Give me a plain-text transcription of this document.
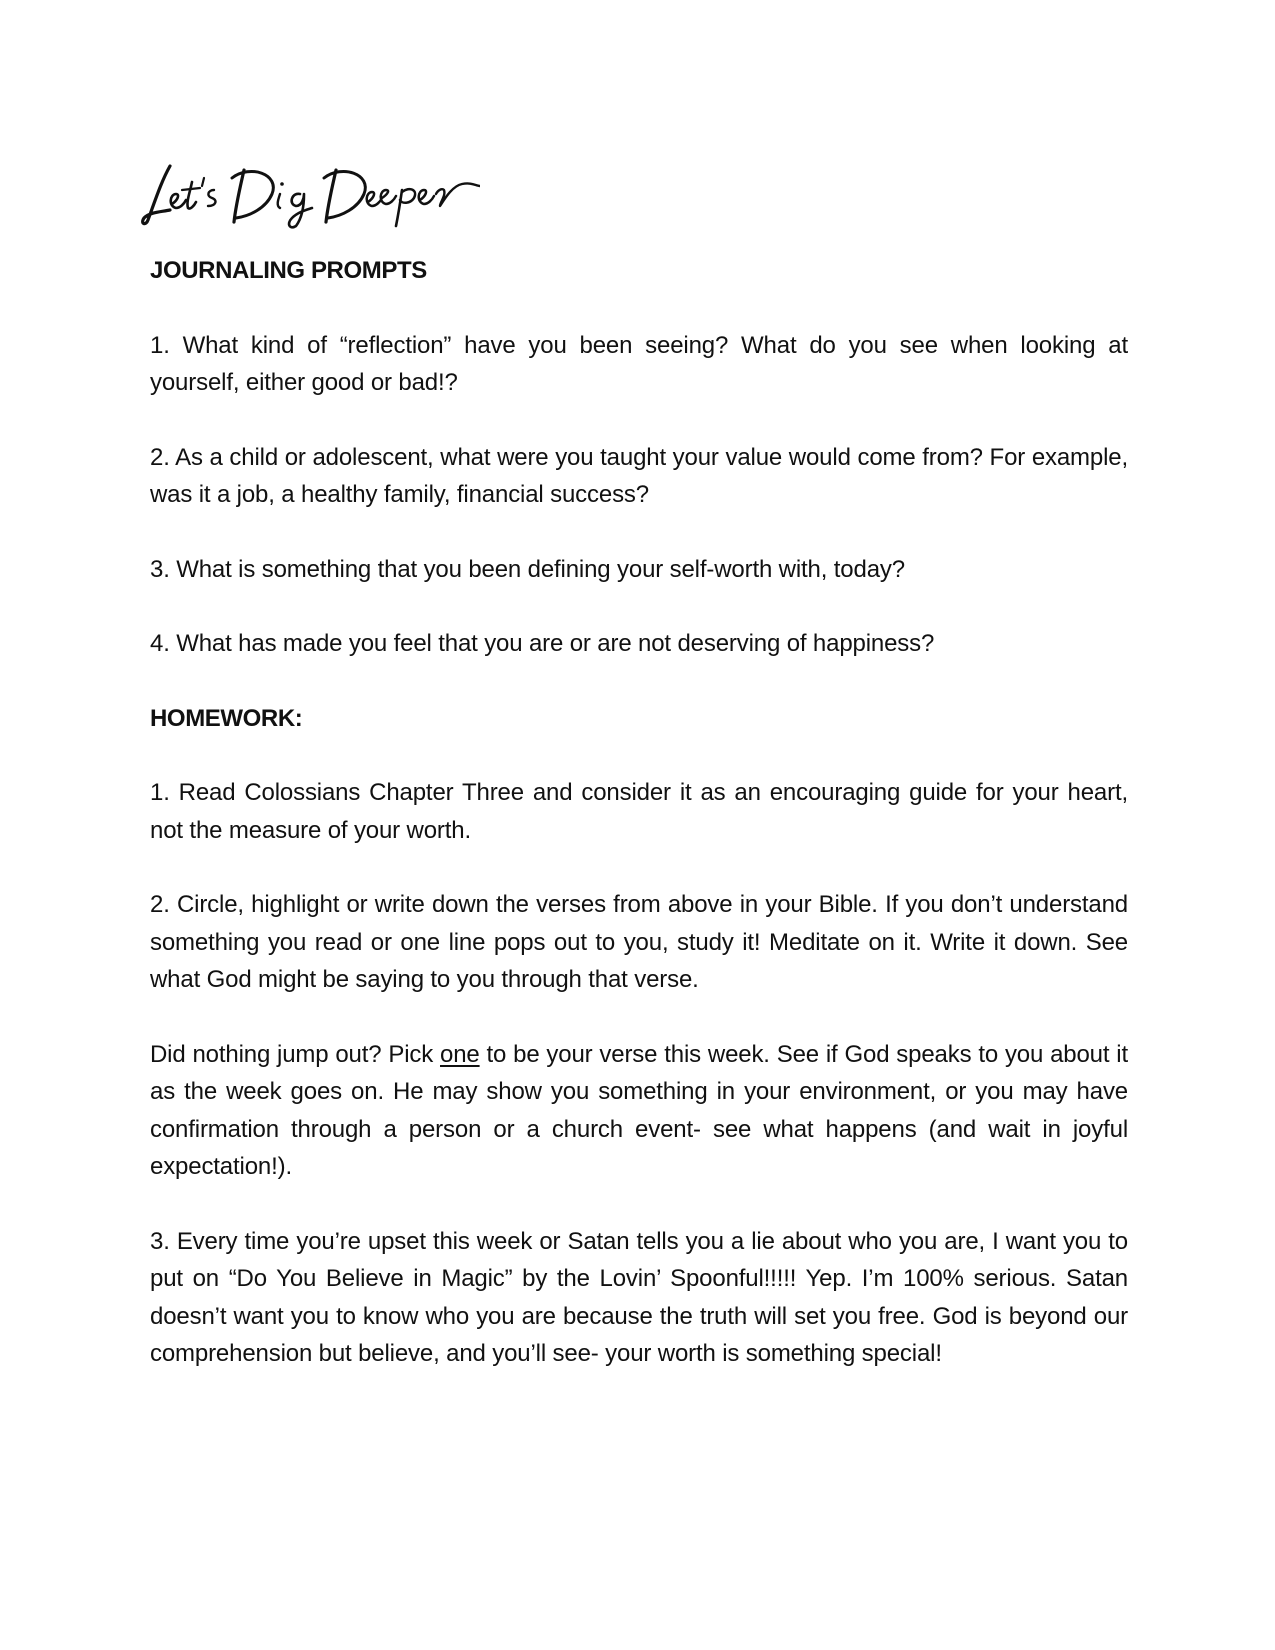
JOURNALING PROMPTS

1. What kind of “reflection” have you been seeing? What do you see when looking at yourself, either good or bad!?

2. As a child or adolescent, what were you taught your value would come from? For example, was it a job, a healthy family, financial success?

3. What is something that you been defining your self-worth with, today?

4. What has made you feel that you are or are not deserving of happiness?

HOMEWORK:

1. Read Colossians Chapter Three and consider it as an encouraging guide for your heart, not the measure of your worth.

2. Circle, highlight or write down the verses from above in your Bible. If you don’t understand something you read or one line pops out to you, study it! Meditate on it. Write it down. See what God might be saying to you through that verse.

Did nothing jump out? Pick one to be your verse this week. See if God speaks to you about it as the week goes on. He may show you something in your environment, or you may have confirmation through a person or a church event- see what happens (and wait in joyful expectation!).

3. Every time you’re upset this week or Satan tells you a lie about who you are, I want you to put on “Do You Believe in Magic” by the Lovin’ Spoonful!!!!! Yep. I’m 100% serious. Satan doesn’t want you to know who you are because the truth will set you free. God is beyond our comprehension but believe, and you’ll see- your worth is something special!
